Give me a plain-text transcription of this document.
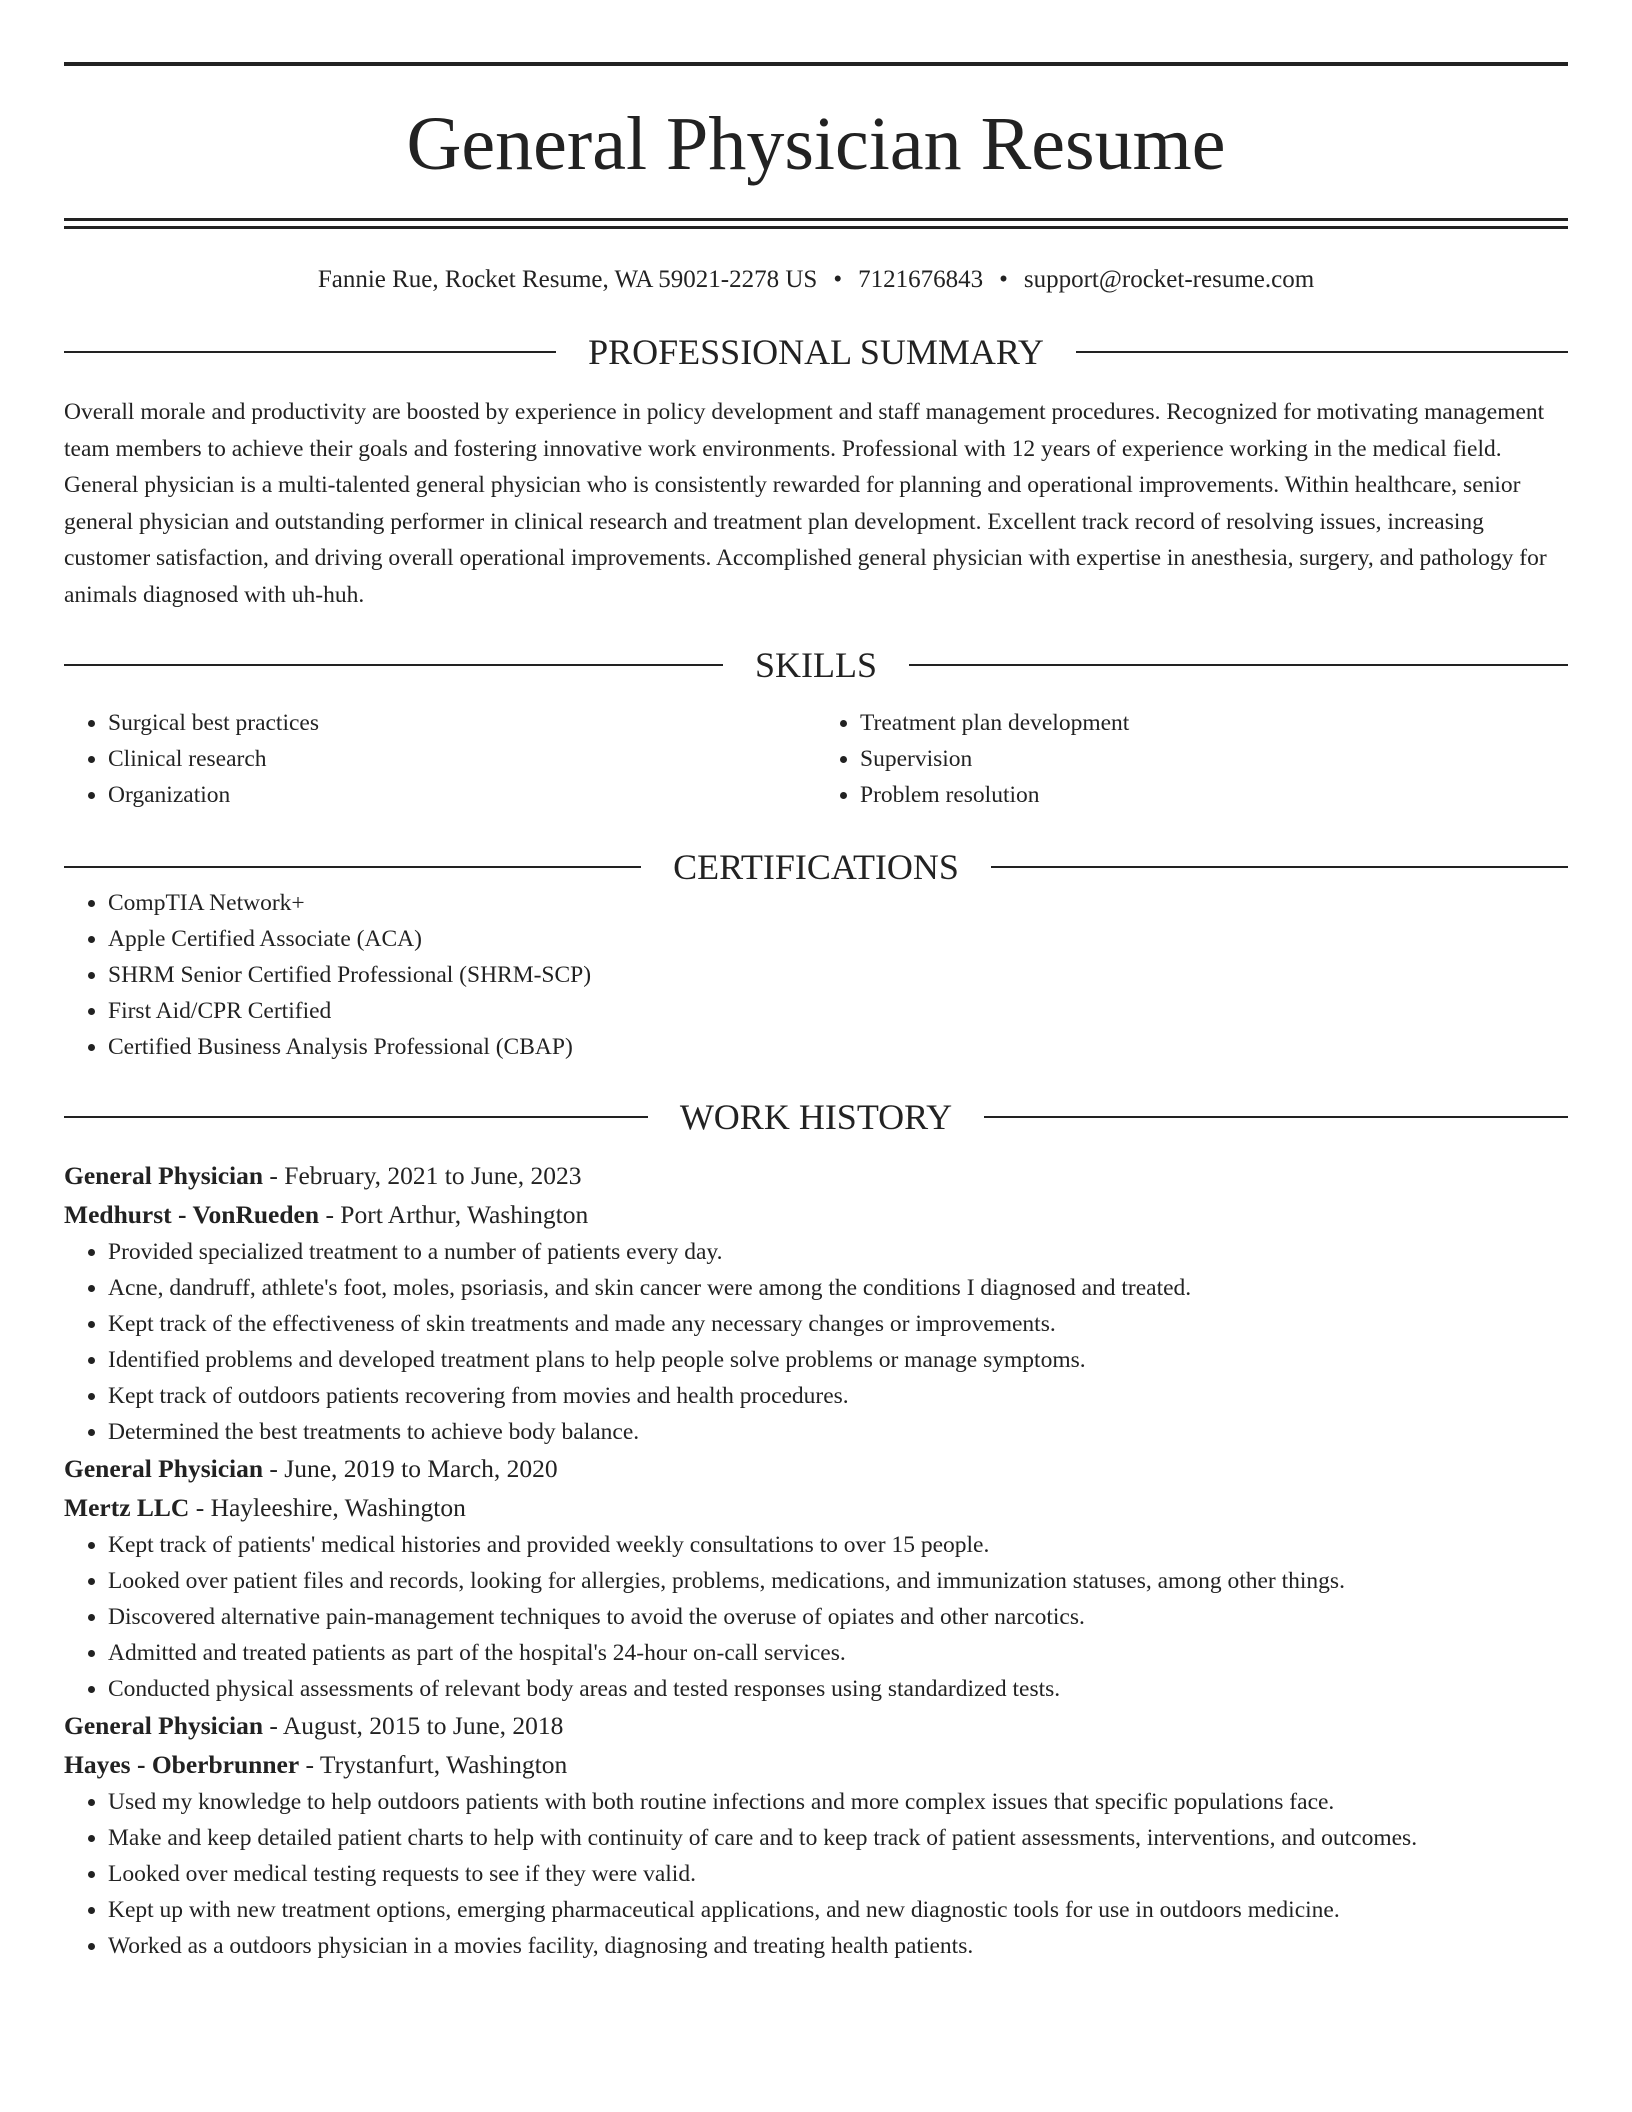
General Physician Resume
Fannie Rue, Rocket Resume, WA 59021-2278 US • 7121676843 • support@rocket-resume.com
PROFESSIONAL SUMMARY

Overall morale and productivity are boosted by experience in policy development and staff management procedures. Recognized for motivating management team members to achieve their goals and fostering innovative work environments. Professional with 12 years of experience working in the medical field. General physician is a multi-talented general physician who is consistently rewarded for planning and operational improvements. Within healthcare, senior general physician and outstanding performer in clinical research and treatment plan development. Excellent track record of resolving issues, increasing customer satisfaction, and driving overall operational improvements. Accomplished general physician with expertise in anesthesia, surgery, and pathology for animals diagnosed with uh-huh.

SKILLS
• Surgical best practices
• Clinical research
• Organization
• Treatment plan development
• Supervision
• Problem resolution
CERTIFICATIONS
• CompTIA Network+
• Apple Certified Associate (ACA)
• SHRM Senior Certified Professional (SHRM-SCP)
• First Aid/CPR Certified
• Certified Business Analysis Professional (CBAP)
WORK HISTORY
General Physician - February, 2021 to June, 2023
Medhurst - VonRueden - Port Arthur, Washington
• Provided specialized treatment to a number of patients every day.
• Acne, dandruff, athlete's foot, moles, psoriasis, and skin cancer were among the conditions I diagnosed and treated.
• Kept track of the effectiveness of skin treatments and made any necessary changes or improvements.
• Identified problems and developed treatment plans to help people solve problems or manage symptoms.
• Kept track of outdoors patients recovering from movies and health procedures.
• Determined the best treatments to achieve body balance.
General Physician - June, 2019 to March, 2020
Mertz LLC - Hayleeshire, Washington
• Kept track of patients' medical histories and provided weekly consultations to over 15 people.
• Looked over patient files and records, looking for allergies, problems, medications, and immunization statuses, among other things.
• Discovered alternative pain-management techniques to avoid the overuse of opiates and other narcotics.
• Admitted and treated patients as part of the hospital's 24-hour on-call services.
• Conducted physical assessments of relevant body areas and tested responses using standardized tests.
General Physician - August, 2015 to June, 2018
Hayes - Oberbrunner - Trystanfurt, Washington
• Used my knowledge to help outdoors patients with both routine infections and more complex issues that specific populations face.
• Make and keep detailed patient charts to help with continuity of care and to keep track of patient assessments, interventions, and outcomes.
• Looked over medical testing requests to see if they were valid.
• Kept up with new treatment options, emerging pharmaceutical applications, and new diagnostic tools for use in outdoors medicine.
• Worked as a outdoors physician in a movies facility, diagnosing and treating health patients.
